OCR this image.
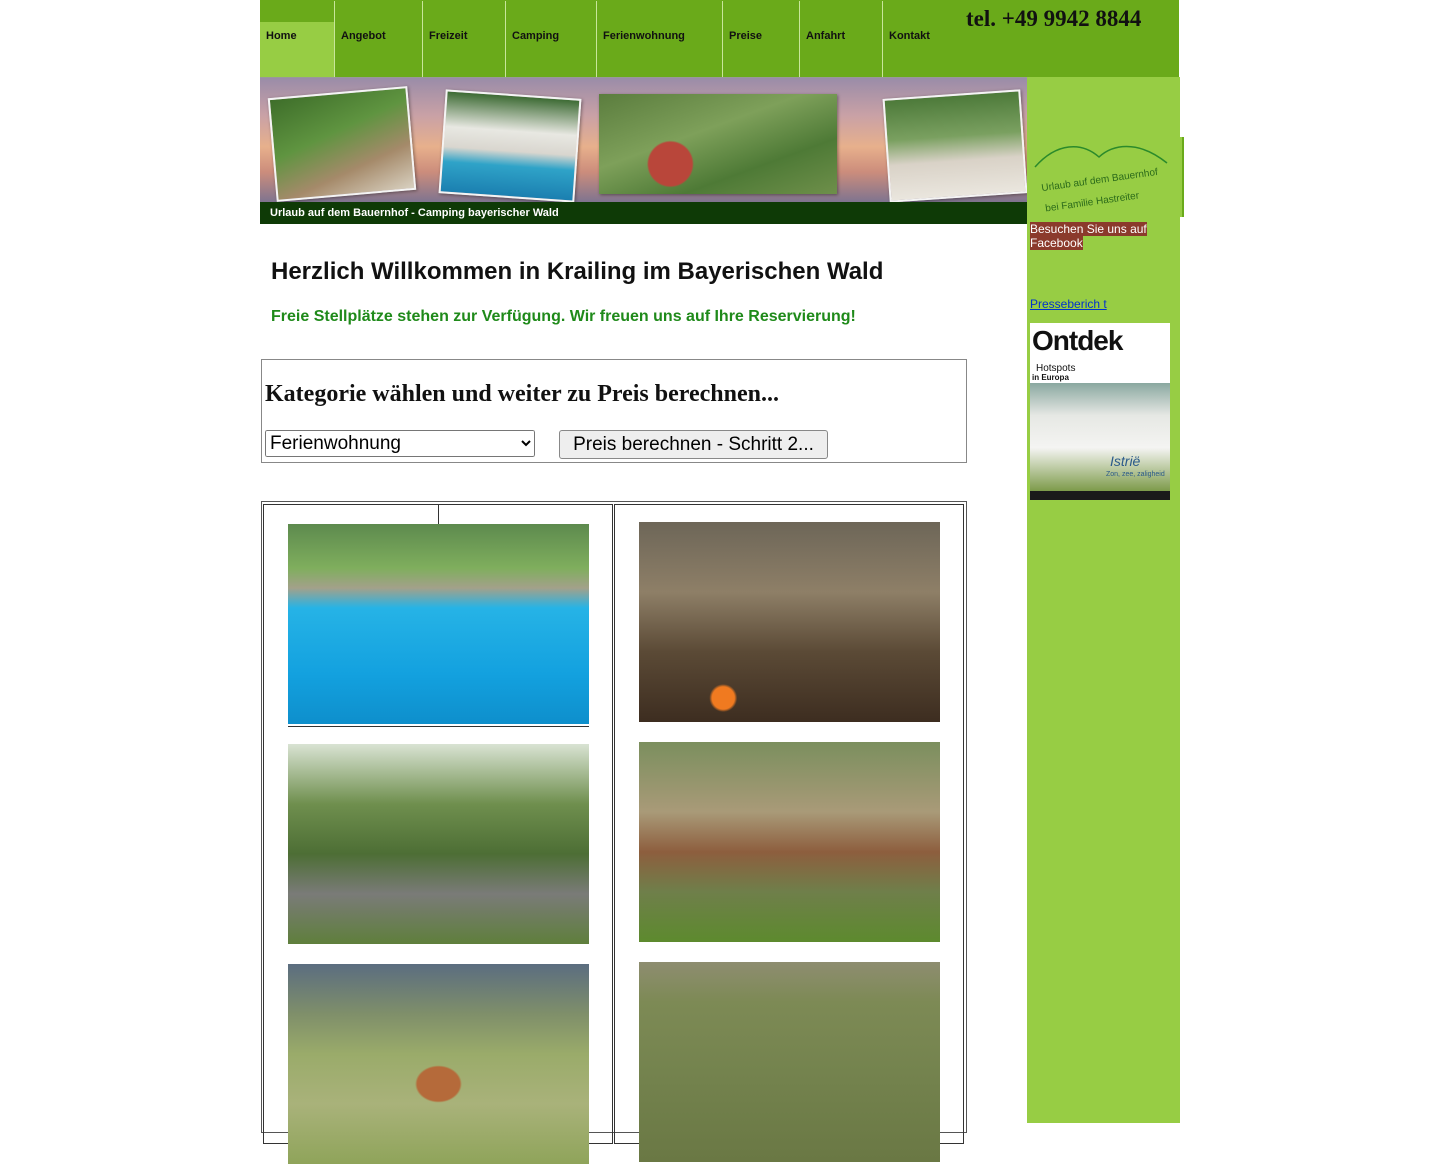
Home	Angebot	Freizeit	Camping	Ferienwohnung	Preise	Anfahrt	Kontakt
tel. +49 9942 8844
Urlaub auf dem Bauernhof - Camping bayerischer Wald
Urlaub auf dem Bauernhof
bei Familie Hastreiter
Besuchen Sie uns auf Facebook
Presseberich t
Ontdek
Hotspots
in Europa
Istrië
Zon, zee, zaligheid
Herzlich Willkommen in Krailing im Bayerischen Wald

Freie Stellplätze stehen zur Verfügung. Wir freuen uns auf Ihre Reservierung!

Kategorie wählen und weiter zu Preis berechnen...
Ferienwohnung
Preis berechnen - Schritt 2...
